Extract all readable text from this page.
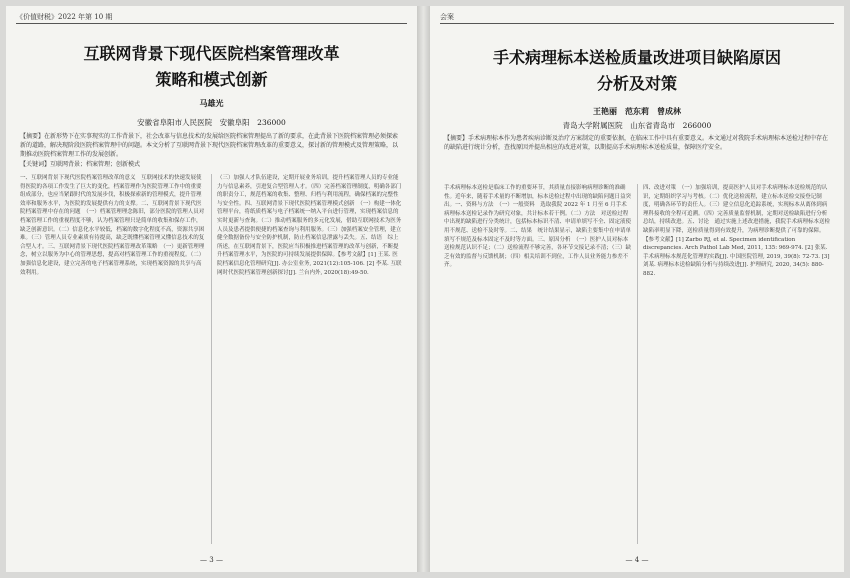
《价值财税》2022 年第 10 期
互联网背景下现代医院档案管理改革
策略和模式创新
马雄光
安徽省阜阳市人民医院　安徽阜阳　236000
【摘要】在新形势下在实事现实的工作背景下，社会改革与信息技术的发展给医院档案管理提出了新的要求，在此背景下医院档案管理必须探索新的道路，解决现阶段医院档案管理中的问题。本文分析了互联网背景下现代医院档案管理改革的重要意义，探讨新的管理模式及管理策略，以期推动医院档案管理工作的发展创新。
【关键词】互联网背景；档案管理；创新模式
一、互联网背景下现代医院档案管理改革的意义　互联网技术的快速发展使得医院的各项工作发生了巨大的变化，档案管理作为医院管理工作中的重要组成部分，也应当紧跟时代的发展步伐，积极探索新的管理模式，提升管理效率和服务水平，为医院的发展提供有力的支撑。二、互联网背景下现代医院档案管理中存在的问题　（一）档案管理理念陈旧，部分医院的管理人员对档案管理工作的重视程度不够，认为档案管理只是简单的收集和保存工作，缺乏创新意识。（二）信息化水平较低，档案的数字化程度不高，资源共享困难。（三）管理人员专业素质有待提高，缺乏既懂档案管理又懂信息技术的复合型人才。三、互联网背景下现代医院档案管理改革策略　（一）更新管理理念，树立以服务为中心的管理思想，提高对档案管理工作的重视程度。（二）加强信息化建设，建立完善的电子档案管理系统，实现档案资源的共享与高效利用。
（三）加强人才队伍建设，定期开展业务培训，提升档案管理人员的专业能力与信息素养，引进复合型管理人才。（四）完善档案管理制度，明确各部门的职责分工，规范档案的收集、整理、归档与利用流程，确保档案的完整性与安全性。四、互联网背景下现代医院档案管理模式创新　（一）构建一体化管理平台，将纸质档案与电子档案统一纳入平台进行管理，实现档案信息的实时更新与查询。（二）推动档案服务的多元化发展，借助互联网技术为医务人员及患者提供便捷的档案查询与利用服务。（三）加强档案安全管理，建立健全数据备份与安全防护机制，防止档案信息泄露与丢失。五、结语　综上所述，在互联网背景下，医院应当积极推进档案管理的改革与创新，不断提升档案管理水平，为医院的可持续发展提供保障。【参考文献】[1] 王某. 医院档案信息化管理研究[J]. 办公室业务, 2021(12):105-106. [2] 李某. 互联网时代医院档案管理创新探讨[J]. 兰台内外, 2020(18):49-50.
— 3 —
会案
手术病理标本送检质量改进项目缺陷原因
分析及对策
王艳丽　范东莉　曾成林
青岛大学附属医院　山东省青岛市　266000
【摘要】手术病理标本作为患者疾病诊断及治疗方案制定的重要依据，在临床工作中具有重要意义。本文通过对我院手术病理标本送检过程中存在的缺陷进行统计分析，查找原因并提出相应的改进对策，以期提高手术病理标本送检质量，保障医疗安全。
手术病理标本送检是临床工作的重要环节，其质量直接影响病理诊断的准确性。近年来，随着手术量的不断增加，标本送检过程中出现的缺陷问题日益突出。一、资料与方法　（一）一般资料　选取我院 2022 年 1 月至 6 月手术病理标本送检记录作为研究对象，共计标本若干例。（二）方法　对送检过程中出现的缺陷进行分类统计，包括标本标识不清、申请单填写不全、固定液使用不规范、送检不及时等。二、结果　统计结果显示，缺陷主要集中在申请单填写不规范及标本固定不及时等方面。三、原因分析　（一）医护人员对标本送检规范认识不足；（二）送检流程不够完善，各环节交接记录不清；（三）缺乏有效的监督与反馈机制；（四）相关培训不到位，工作人员业务能力参差不齐。
四、改进对策　（一）加强培训，提高医护人员对手术病理标本送检规范的认识，定期组织学习与考核。（二）优化送检流程，建立标本送检交接登记制度，明确各环节的责任人。（三）建立信息化追踪系统，实现标本从离体到病理科接收的全程可追溯。（四）完善质量监督机制，定期对送检缺陷进行分析总结，持续改进。五、讨论　通过实施上述改进措施，我院手术病理标本送检缺陷率明显下降，送检质量得到有效提升，为病理诊断提供了可靠的保障。【参考文献】[1] Zarbo RJ, et al. Specimen identification discrepancies. Arch Pathol Lab Med, 2011, 135: 969-974. [2] 张某. 手术病理标本规范化管理的实践[J]. 中国医院管理, 2019, 39(8): 72-73. [3] 刘某. 病理标本送检缺陷分析与持续改进[J]. 护理研究, 2020, 34(5): 880-882.
— 4 —
